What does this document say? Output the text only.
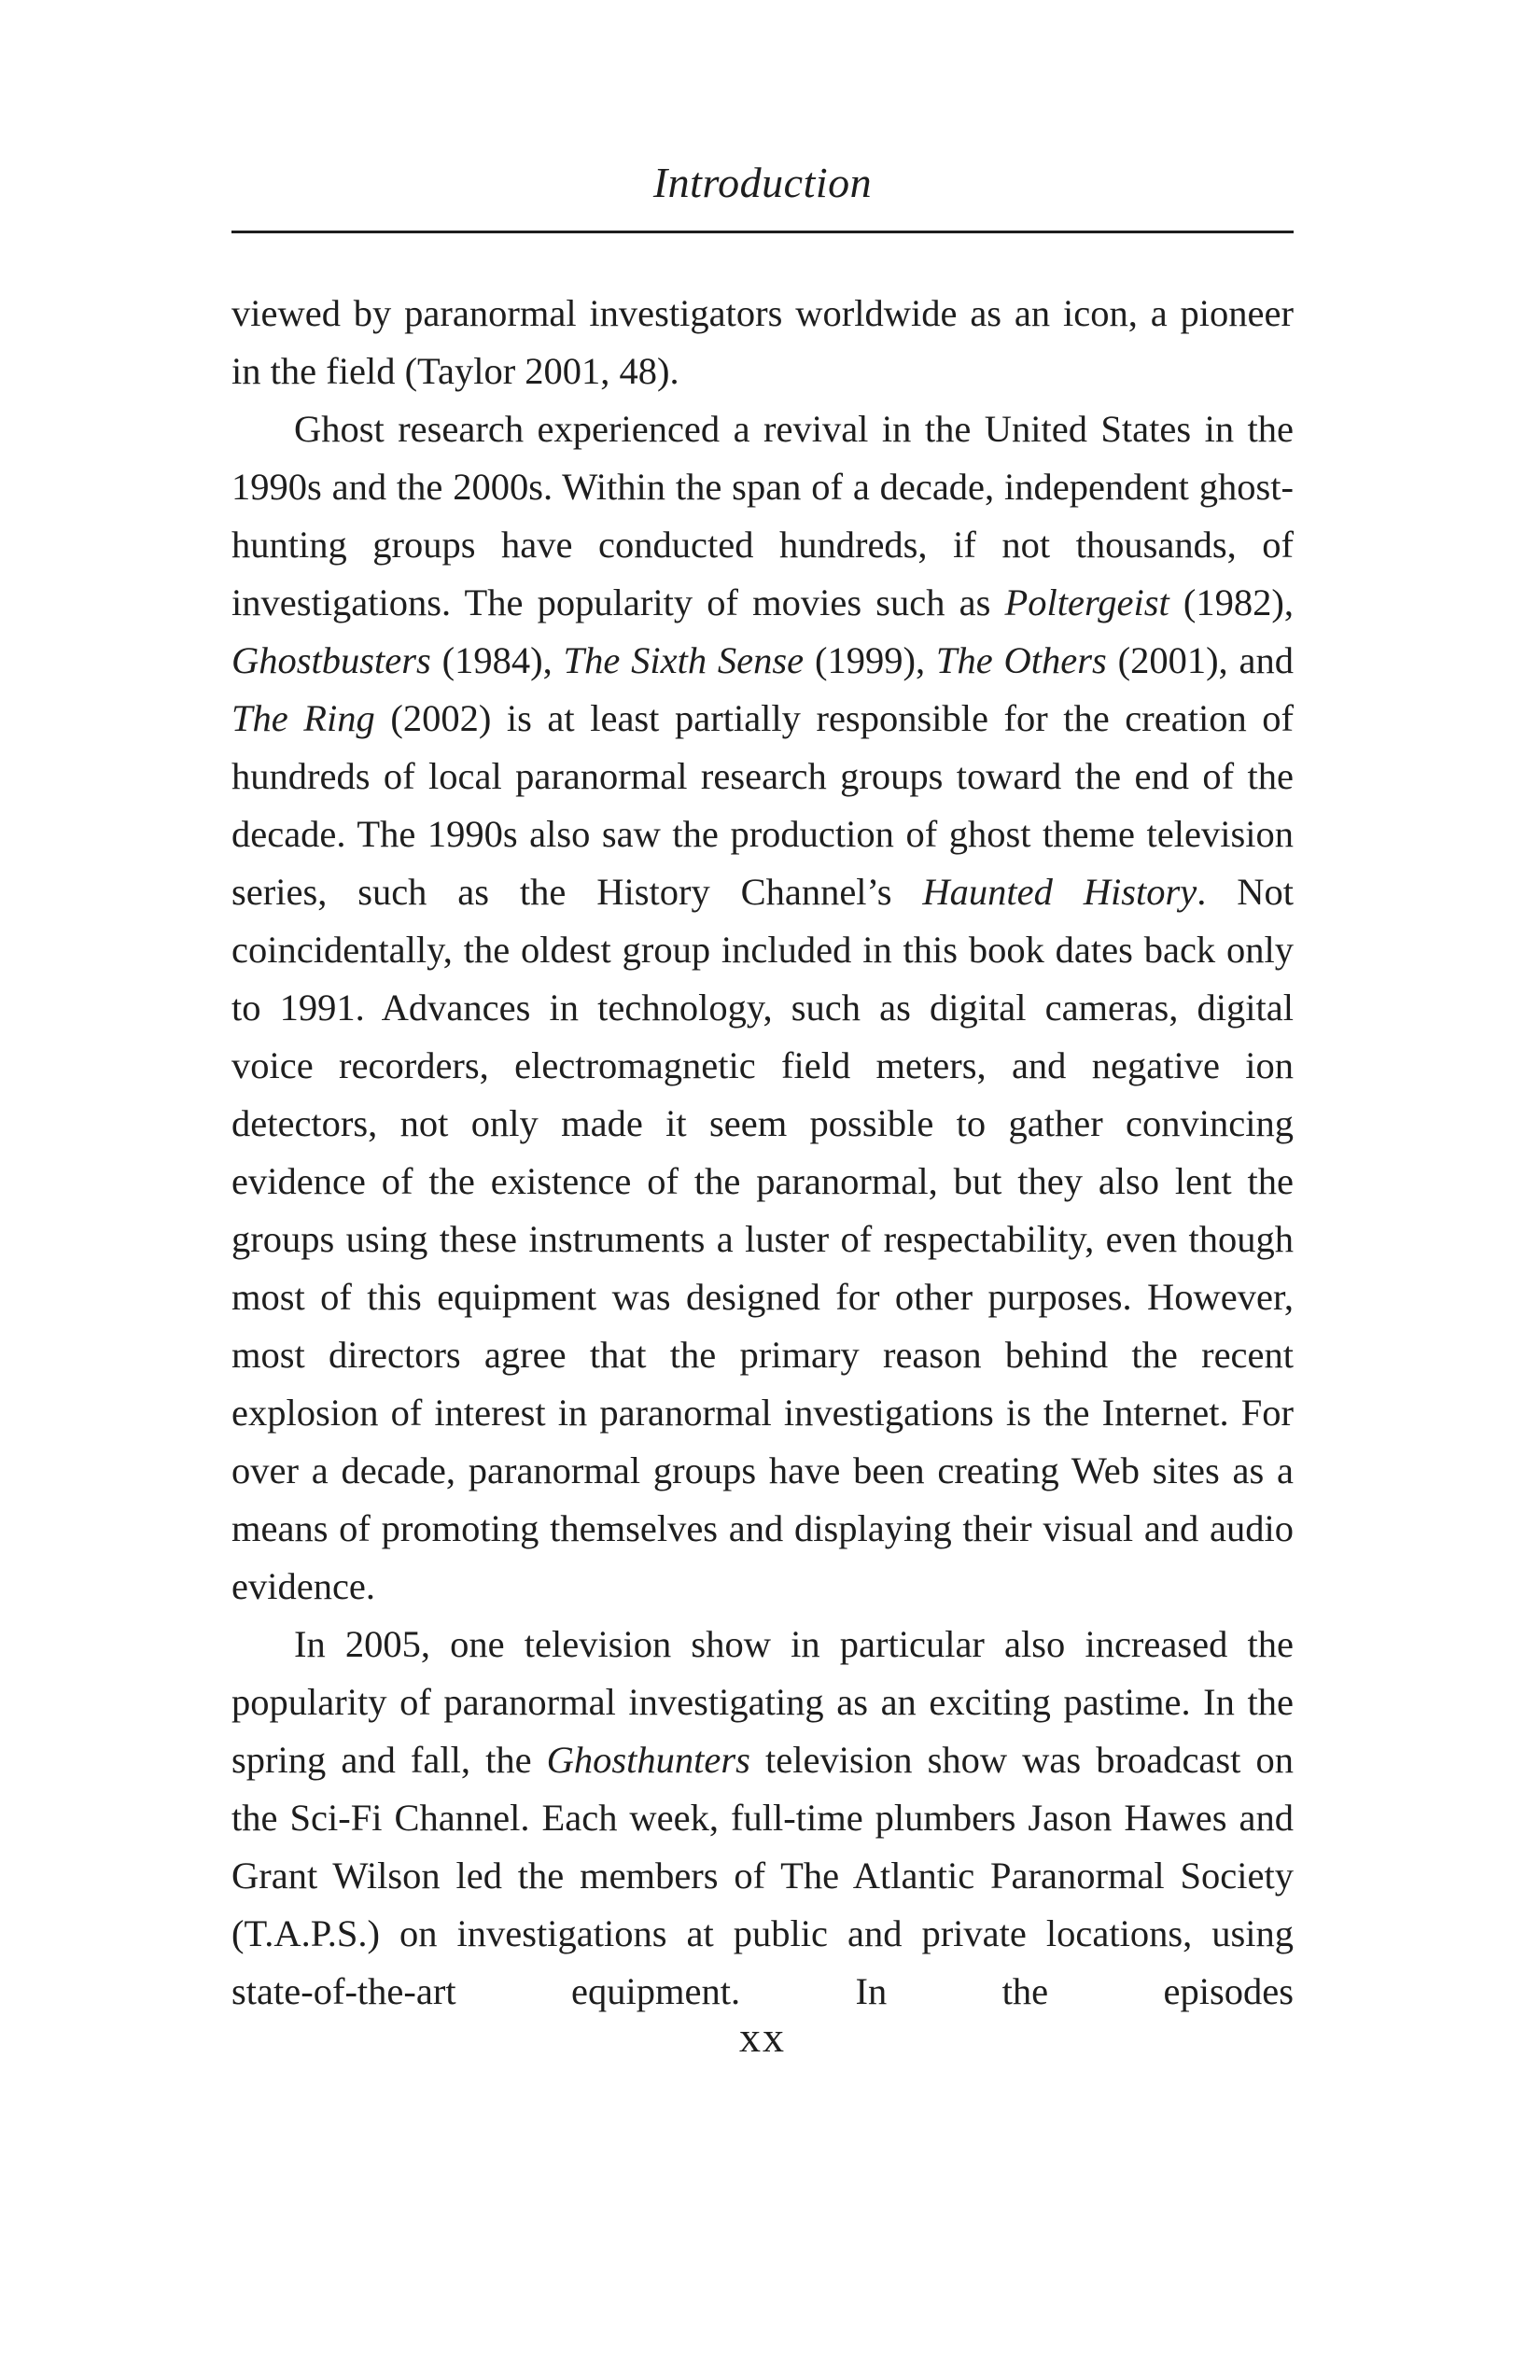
Introduction

viewed by paranormal investigators worldwide as an icon, a pioneer in the field (Taylor 2001, 48).

Ghost research experienced a revival in the United States in the 1990s and the 2000s. Within the span of a decade, independent ghost-hunting groups have conducted hundreds, if not thousands, of investigations. The popularity of movies such as Poltergeist (1982), Ghostbusters (1984), The Sixth Sense (1999), The Others (2001), and The Ring (2002) is at least partially responsible for the creation of hundreds of local paranormal research groups toward the end of the decade. The 1990s also saw the production of ghost theme television series, such as the History Channel’s Haunted History. Not coincidentally, the oldest group included in this book dates back only to 1991. Advances in technology, such as digital cameras, digital voice recorders, electromagnetic field meters, and negative ion detectors, not only made it seem possible to gather convincing evidence of the existence of the paranormal, but they also lent the groups using these instruments a luster of respectability, even though most of this equipment was designed for other purposes. However, most directors agree that the primary reason behind the recent explosion of interest in paranormal investigations is the Internet. For over a decade, paranormal groups have been creating Web sites as a means of promoting themselves and displaying their visual and audio evidence.

In 2005, one television show in particular also increased the popularity of paranormal investigating as an exciting pastime. In the spring and fall, the Ghosthunters television show was broadcast on the Sci-Fi Channel. Each week, full-time plumbers Jason Hawes and Grant Wilson led the members of The Atlantic Paranormal Society (T.A.P.S.) on investigations at public and private locations, using state-of-the-art equipment. In the episodes

xx
